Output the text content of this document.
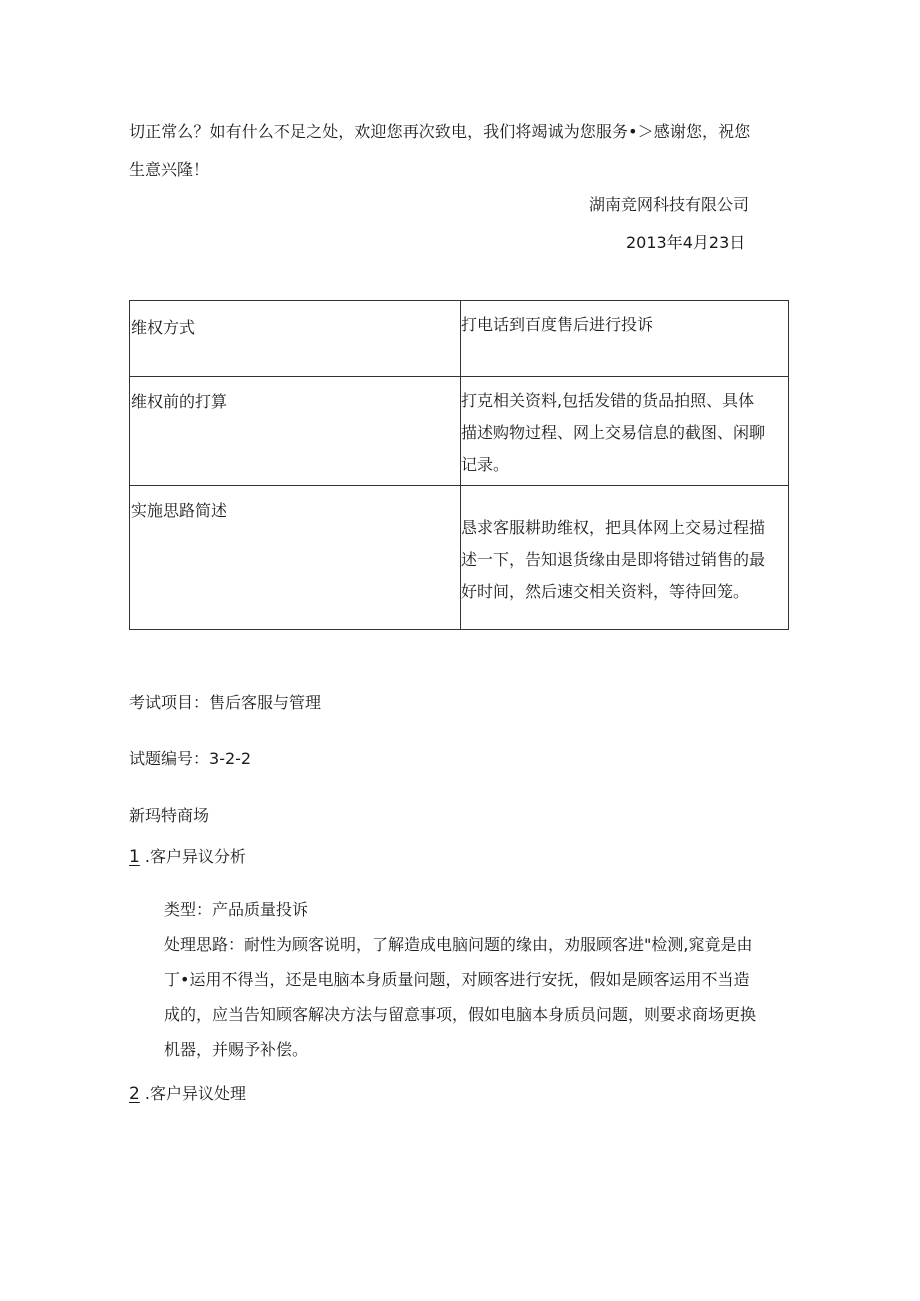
切正常么？如有什么不足之处，欢迎您再次致电，我们将竭诚为您服务•＞感谢您，祝您
生意兴隆！
湖南竞网科技有限公司
2013年4月23日
维权方式	打电话到百度售后进行投诉
维权前的打算	打克相关资料,包括发错的货品拍照、具体
描述购物过程、网上交易信息的截图、闲聊
记录。
实施思路简述
恳求客服耕助维权，把具体网上交易过程描
述一下，告知退货缘由是即将错过销售的最
好时间，然后速交相关资料，等待回笼。
考试项目：售后客服与管理
试题编号：3-2-2
新玛特商场
1 .客户异议分析
类型：产品质量投诉
处理思路：耐性为顾客说明，了解造成电脑问题的缘由，劝服顾客进"检测,窕竟是由
丁•运用不得当，还是电脑本身质量问题，对顾客进行安抚，假如是顾客运用不当造
成的，应当告知顾客解决方法与留意事项，假如电脑本身质员问题，则要求商场更换
机器，并赐予补偿。
2 .客户异议处理
